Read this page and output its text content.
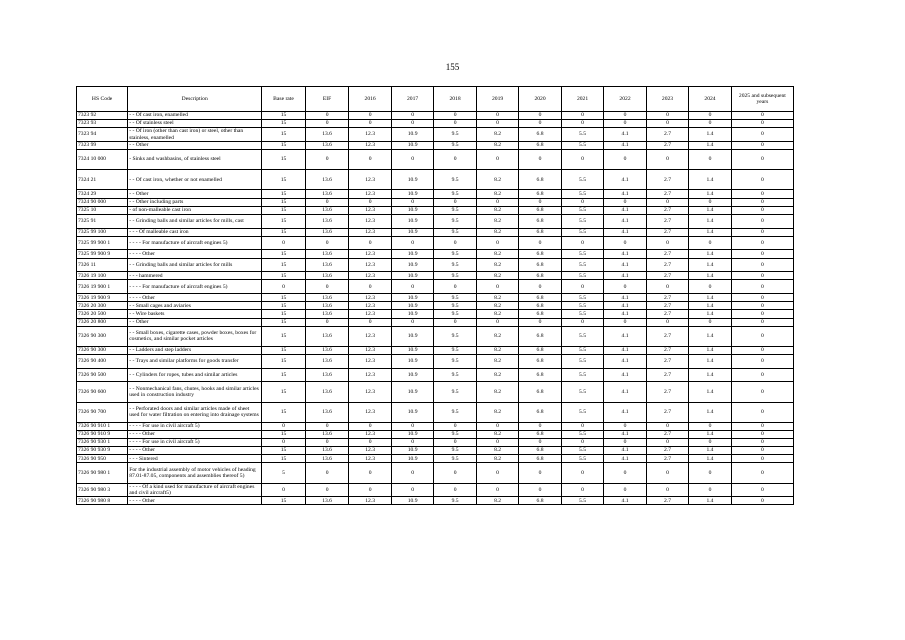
155
HS Code	Description	Base rate	EIF	2016	2017	2018	2019	2020	2021	2022	2023	2024	2025 and subsequent years
7323 92	- - Of cast iron, enamelled	15	0	0	0	0	0	0	0	0	0	0	0
7323 93	- - Of stainless steel	15	0	0	0	0	0	0	0	0	0	0	0
7323 94	- - Of iron (other than cast iron) or steel, other than stainless, enamelled	15	13.6	12.3	10.9	9.5	8.2	6.8	5.5	4.1	2.7	1.4	0
7323 99	- - Other	15	13.6	12.3	10.9	9.5	8.2	6.8	5.5	4.1	2.7	1.4	0
7324 10 000	- Sinks and washbasins, of stainless steel	15	0	0	0	0	0	0	0	0	0	0	0
7324 21	- - Of cast iron, whether or not enamelled	15	13.6	12.3	10.9	9.5	8.2	6.8	5.5	4.1	2.7	1.4	0
7324 29	- - Other	15	13.6	12.3	10.9	9.5	8.2	6.8	5.5	4.1	2.7	1.4	0
7324 90 000	- - Other including parts	15	0	0	0	0	0	0	0	0	0	0	0
7325 10	- of non-malleable cast iron	15	13.6	12.3	10.9	9.5	8.2	6.8	5.5	4.1	2.7	1.4	0
7325 91	- - Grinding balls and similar articles for mills, cast	15	13.6	12.3	10.9	9.5	8.2	6.8	5.5	4.1	2.7	1.4	0
7325 99 100	- - - Of malleable cast iron	15	13.6	12.3	10.9	9.5	8.2	6.8	5.5	4.1	2.7	1.4	0
7325 99 900 1	- - - - For manufacture of aircraft engines 5)	0	0	0	0	0	0	0	0	0	0	0	0
7325 99 900 9	- - - - Other	15	13.6	12.3	10.9	9.5	8.2	6.8	5.5	4.1	2.7	1.4	0
7326 11	- - Grinding balls and similar articles for mills	15	13.6	12.3	10.9	9.5	8.2	6.8	5.5	4.1	2.7	1.4	0
7326 19 100	- - - hammered	15	13.6	12.3	10.9	9.5	8.2	6.8	5.5	4.1	2.7	1.4	0
7326 19 900 1	- - - - For manufacture of aircraft engines 5)	0	0	0	0	0	0	0	0	0	0	0	0
7326 19 900 9	- - - - Other	15	13.6	12.3	10.9	9.5	8.2	6.8	5.5	4.1	2.7	1.4	0
7326 20 300	- - Small cages and aviaries	15	13.6	12.3	10.9	9.5	8.2	6.8	5.5	4.1	2.7	1.4	0
7326 20 500	- - Wire baskets	15	13.6	12.3	10.9	9.5	8.2	6.8	5.5	4.1	2.7	1.4	0
7326 20 800	- - Other	15	0	0	0	0	0	0	0	0	0	0	0
7326 90 300	- - Small boxes, cigarette cases, powder boxes, boxes for cosmetics, and similar pocket articles	15	13.6	12.3	10.9	9.5	8.2	6.8	5.5	4.1	2.7	1.4	0
7326 90 300	- - Ladders and step ladders	15	13.6	12.3	10.9	9.5	8.2	6.8	5.5	4.1	2.7	1.4	0
7326 90 400	- - Trays and similar platforms for goods transfer	15	13.6	12.3	10.9	9.5	8.2	6.8	5.5	4.1	2.7	1.4	0
7326 90 500	- - Cylinders for ropes, tubes and similar articles	15	13.6	12.3	10.9	9.5	8.2	6.8	5.5	4.1	2.7	1.4	0
7326 90 600	- - Nonmechanical fans, chutes, hooks and similar articles used in construction industry	15	13.6	12.3	10.9	9.5	8.2	6.8	5.5	4.1	2.7	1.4	0
7326 90 700	- - Perforated doors and similar articles made of sheet used for water filtration on entering into drainage systems	15	13.6	12.3	10.9	9.5	8.2	6.8	5.5	4.1	2.7	1.4	0
7326 90 910 1	- - - - For use in civil aircraft 5)	0	0	0	0	0	0	0	0	0	0	0	0
7326 90 910 9	- - - - Other	15	13.6	12.3	10.9	9.5	8.2	6.8	5.5	4.1	2.7	1.4	0
7326 90 930 1	- - - - For use in civil aircraft 5)	0	0	0	0	0	0	0	0	0	0	0	0
7326 90 930 9	- - - - Other	15	13.6	12.3	10.9	9.5	8.2	6.8	5.5	4.1	2.7	1.4	0
7326 90 950	- - - Sintered	15	13.6	12.3	10.9	9.5	8.2	6.8	5.5	4.1	2.7	1.4	0
7326 90 980 1	For the industrial assembly of motor vehicles of heading 87.01-87.05, components and assemblies thereof 5)	5	0	0	0	0	0	0	0	0	0	0	0
7326 90 980 3	- - - - Of a kind used for manufacture of aircraft engines and civil aircraft5)	0	0	0	0	0	0	0	0	0	0	0	0
7326 90 980 8	- - - - Other	15	13.6	12.3	10.9	9.5	8.2	6.8	5.5	4.1	2.7	1.4	0
